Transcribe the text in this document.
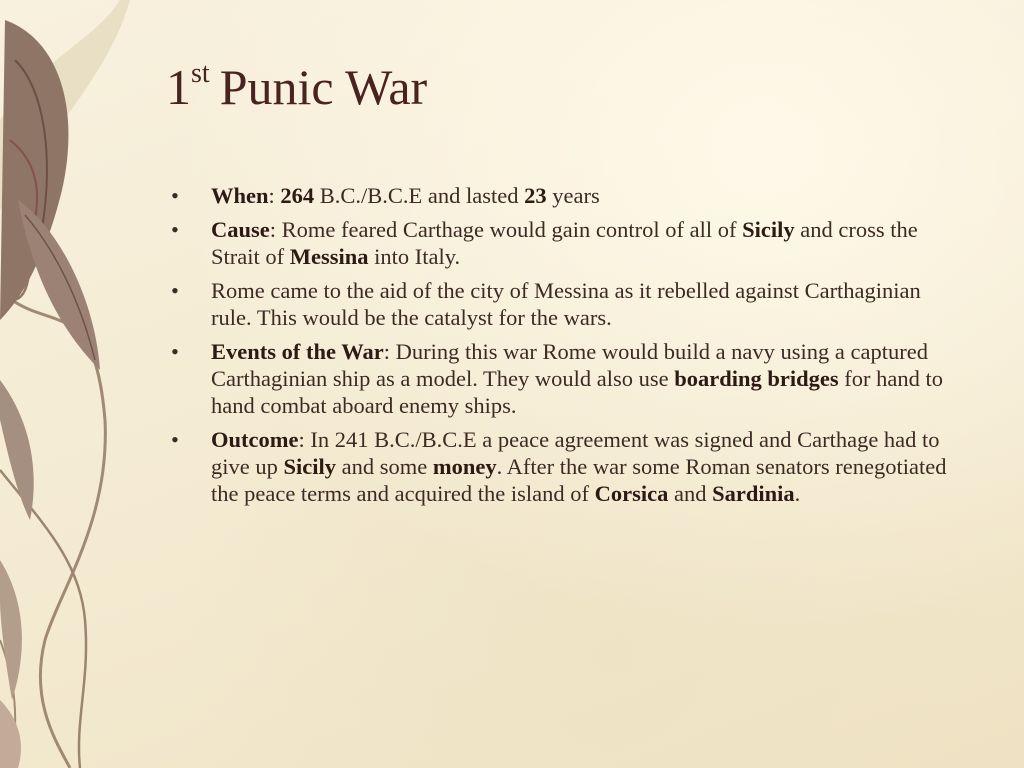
1st Punic War
• When: 264 B.C./B.C.E and lasted 23 years
• Cause: Rome feared Carthage would gain control of all of Sicily and cross the Strait of Messina into Italy.
• Rome came to the aid of the city of Messina as it rebelled against Carthaginian rule. This would be the catalyst for the wars.
• Events of the War: During this war Rome would build a navy using a captured Carthaginian ship as a model. They would also use boarding bridges for hand to hand combat aboard enemy ships.
• Outcome: In 241 B.C./B.C.E a peace agreement was signed and Carthage had to give up Sicily and some money. After the war some Roman senators renegotiated the peace terms and acquired the island of Corsica and Sardinia.
